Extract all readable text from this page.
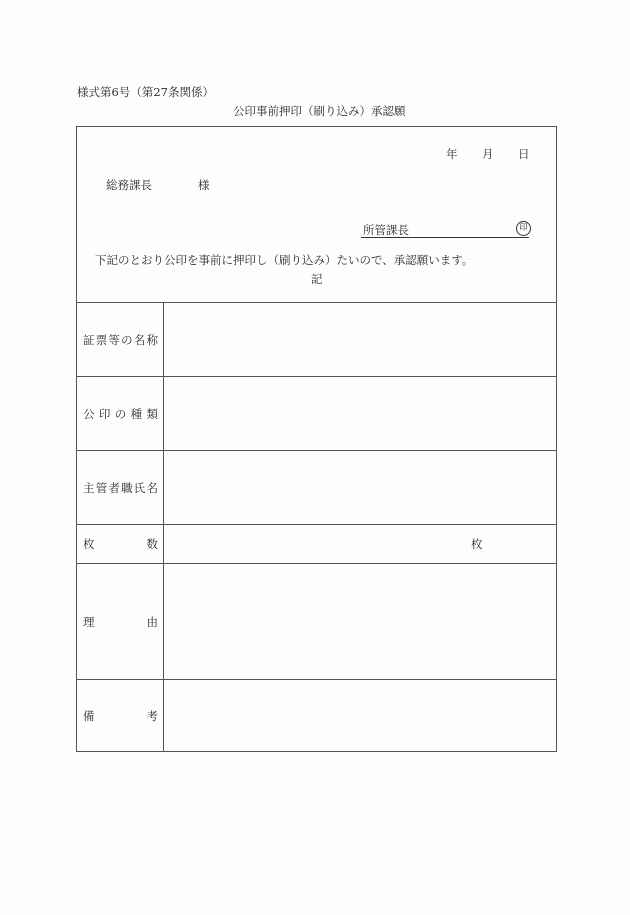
様式第6号（第27条関係）
公印事前押印（刷り込み）承認願
年 月 日
総務課長	様
所管課長	印
下記のとおり公印を事前に押印し（刷り込み）たいので、承認願います。
記
証 票 等 の 名 称
公 印 の 種 類
主 管 者 職 氏 名
枚	数	枚
理	由
備	考
